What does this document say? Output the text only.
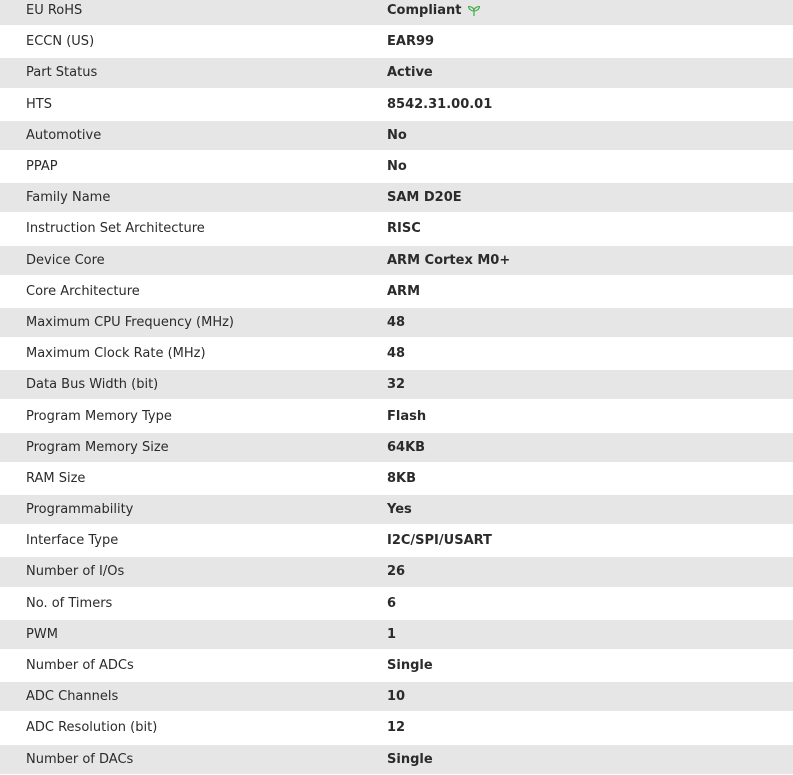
EU RoHS	Compliant
ECCN (US)	EAR99
Part Status	Active
HTS	8542.31.00.01
Automotive	No
PPAP	No
Family Name	SAM D20E
Instruction Set Architecture	RISC
Device Core	ARM Cortex M0+
Core Architecture	ARM
Maximum CPU Frequency (MHz)	48
Maximum Clock Rate (MHz)	48
Data Bus Width (bit)	32
Program Memory Type	Flash
Program Memory Size	64KB
RAM Size	8KB
Programmability	Yes
Interface Type	I2C/SPI/USART
Number of I/Os	26
No. of Timers	6
PWM	1
Number of ADCs	Single
ADC Channels	10
ADC Resolution (bit)	12
Number of DACs	Single
